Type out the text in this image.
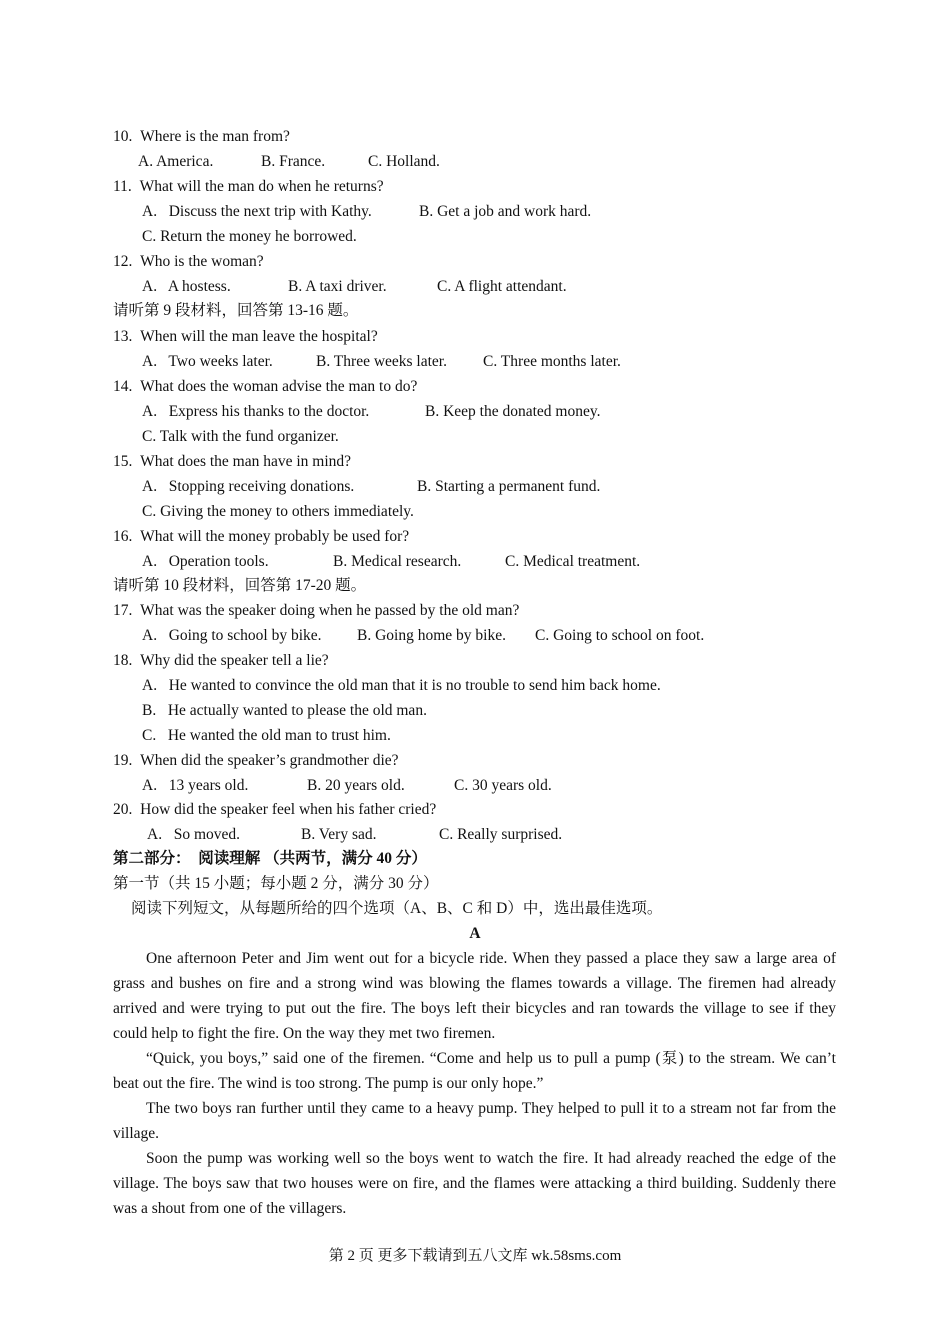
10. Where is the man from?
A. America.	B. France.	C. Holland.
11. What will the man do when he returns?
A.   Discuss the next trip with Kathy.	B. Get a job and work hard.
C. Return the money he borrowed.
12. Who is the woman?
A.   A hostess.	B. A taxi driver.	C. A flight attendant.
请听第 9 段材料，回答第 13-16 题。
13. When will the man leave the hospital?
A.   Two weeks later.	B. Three weeks later. C. Three months later.
14. What does the woman advise the man to do?
A.   Express his thanks to the doctor.	B. Keep the donated money.
C. Talk with the fund organizer.
15. What does the man have in mind?
A.   Stopping receiving donations.	B. Starting a permanent fund.
C. Giving the money to others immediately.
16. What will the money probably be used for?
A.   Operation tools.	B. Medical research.	C. Medical treatment.
请听第 10 段材料，回答第 17-20 题。
17. What was the speaker doing when he passed by the old man?
A.   Going to school by bike. B. Going home by bike. C. Going to school on foot.
18. Why did the speaker tell a lie?
A.   He wanted to convince the old man that it is no trouble to send him back home.
B.   He actually wanted to please the old man.
C.   He wanted the old man to trust him.
19. When did the speaker’s grandmother die?
A.   13 years old.	B. 20 years old.	C. 30 years old.
20. How did the speaker feel when his father cried?
A.   So moved.	B. Very sad.	C. Really surprised.
第二部分：  阅读理解 （共两节，满分 40 分）
第一节（共 15 小题；每小题 2 分，满分 30 分）
阅读下列短文，从每题所给的四个选项（A、B、C 和 D）中，选出最佳选项。
A

One afternoon Peter and Jim went out for a bicycle ride. When they passed a place they saw a large area of grass and bushes on fire and a strong wind was blowing the flames towards a village. The firemen had already arrived and were trying to put out the fire. The boys left their bicycles and ran towards the village to see if they could help to fight the fire. On the way they met two firemen.

“Quick, you boys,” said one of the firemen. “Come and help us to pull a pump (泵) to the stream. We can’t beat out the fire. The wind is too strong. The pump is our only hope.”

The two boys ran further until they came to a heavy pump. They helped to pull it to a stream not far from the village.

Soon the pump was working well so the boys went to watch the fire. It had already reached the edge of the village. The boys saw that two houses were on fire, and the flames were attacking a third building. Suddenly there was a shout from one of the villagers.

第 2 页 更多下载请到五八文库 wk.58sms.com
